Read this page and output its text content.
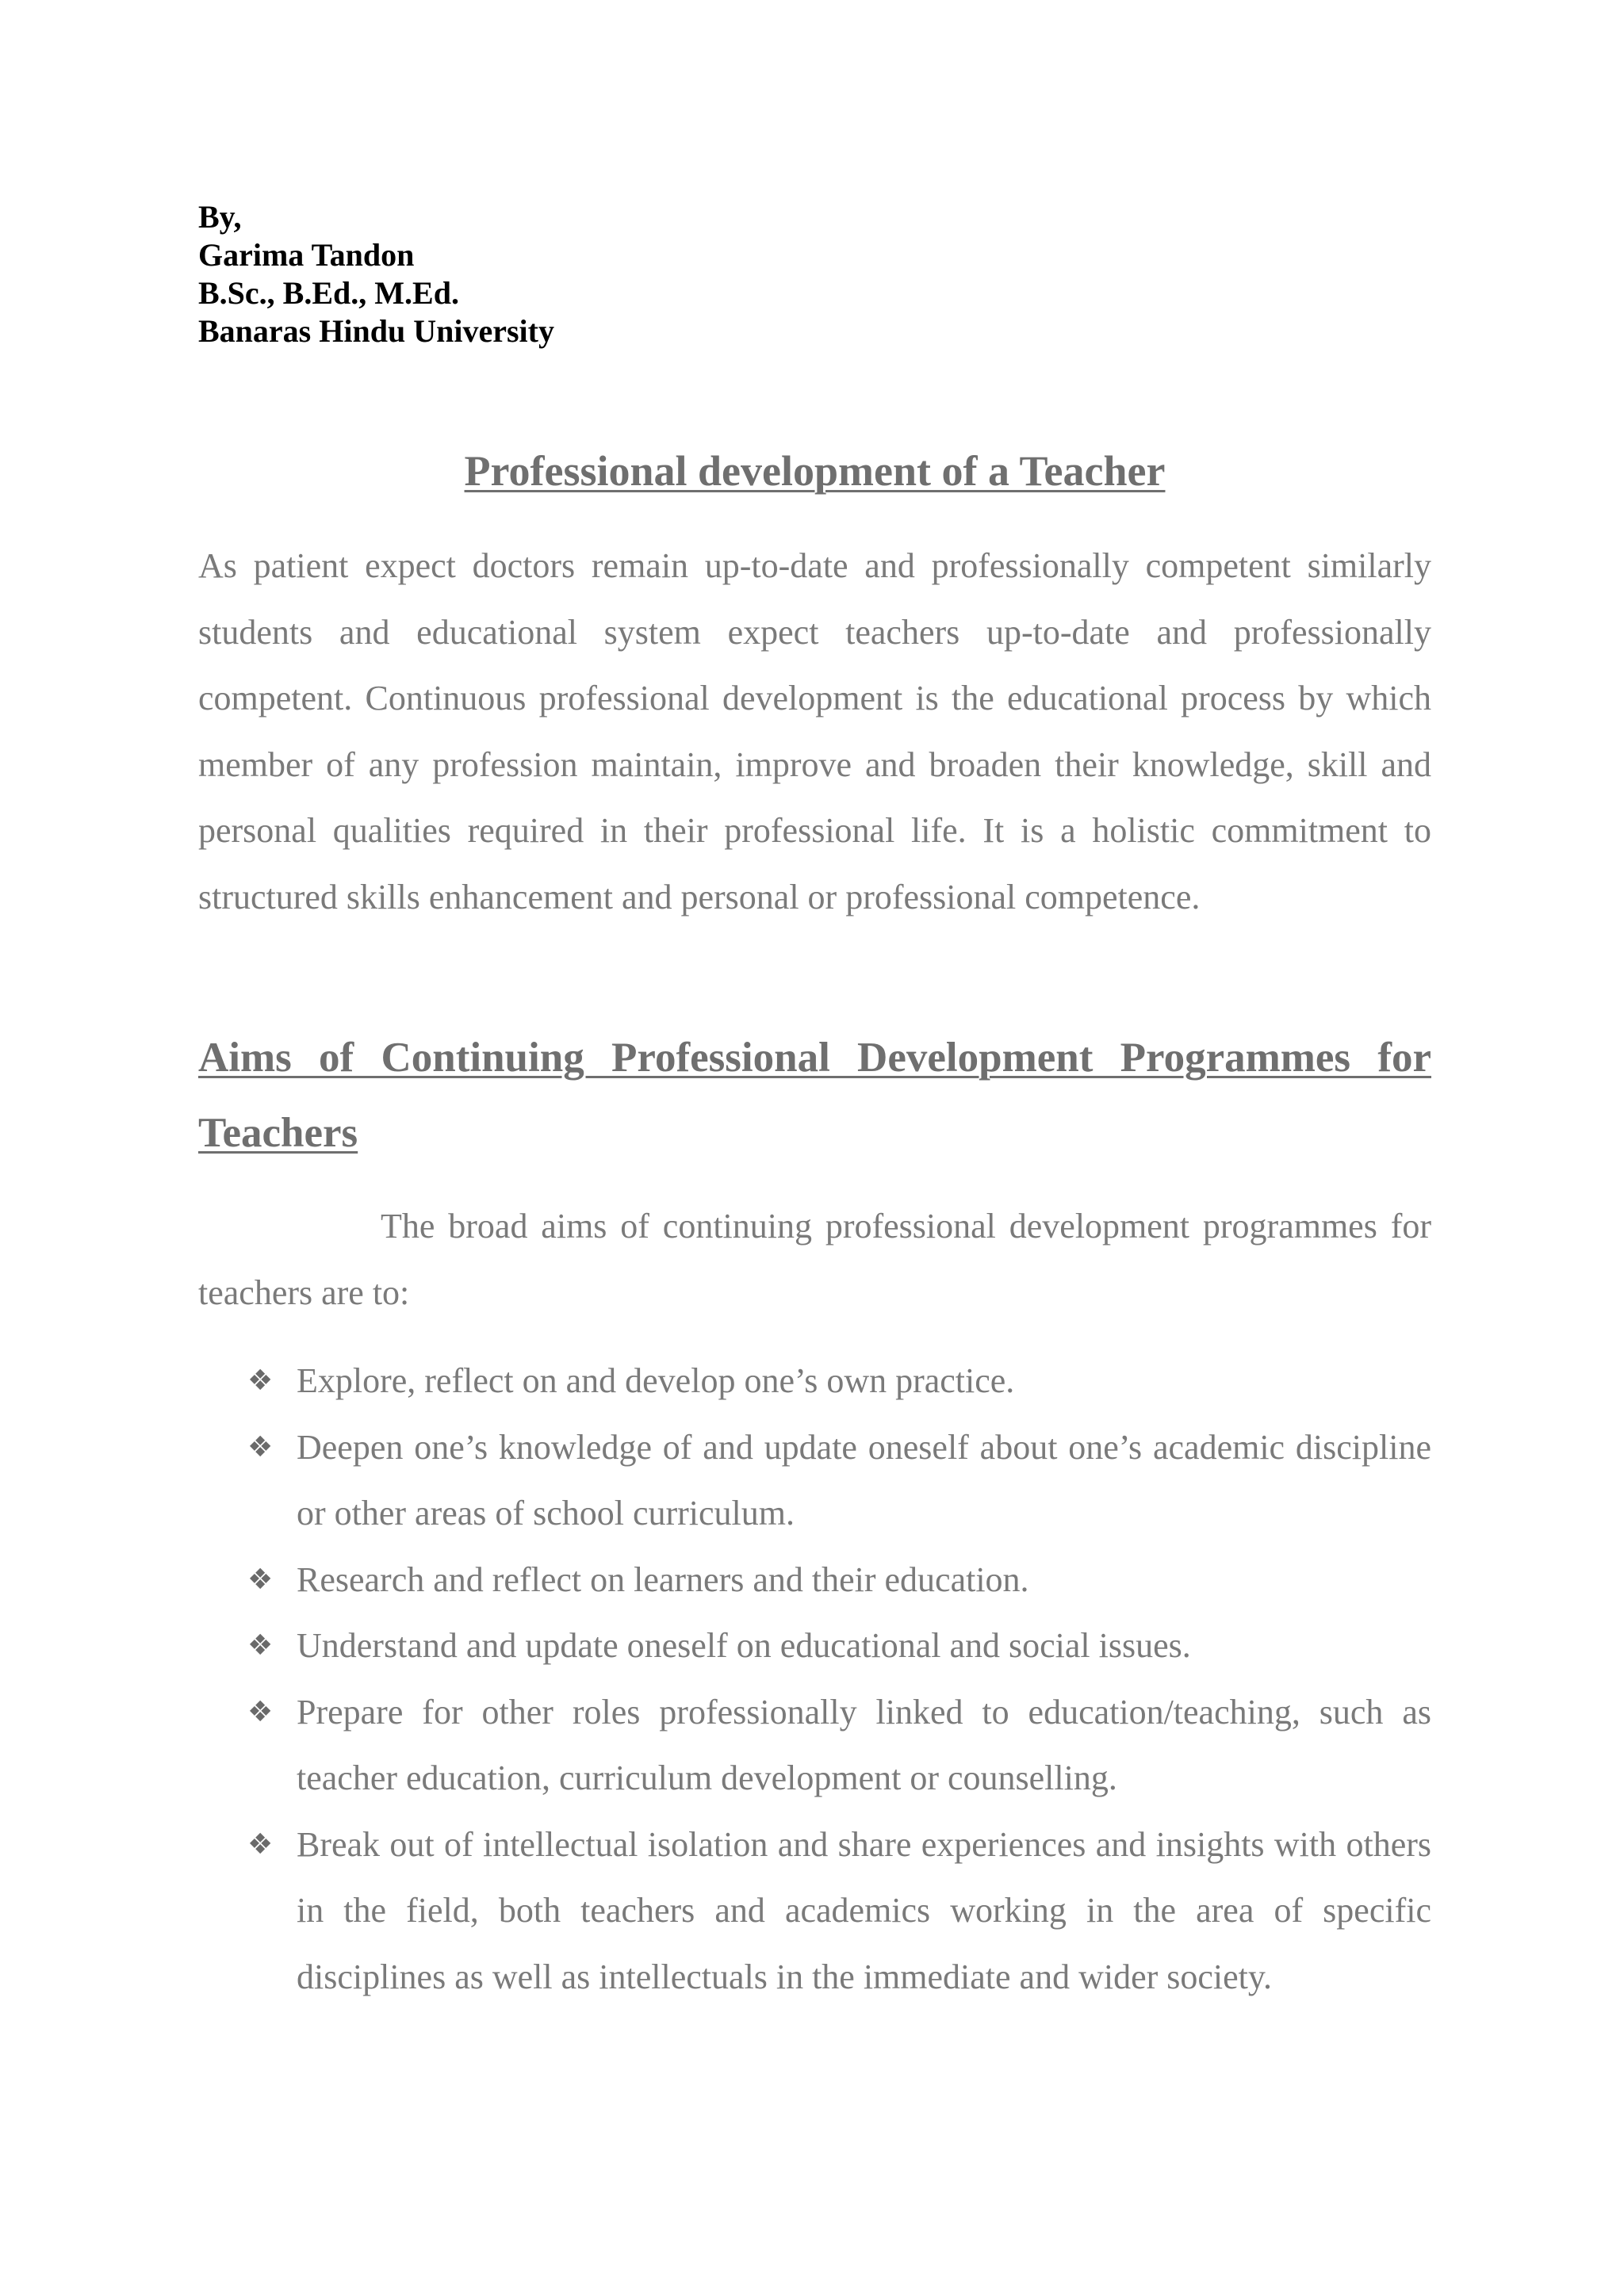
By,
Garima Tandon
B.Sc., B.Ed., M.Ed.
Banaras Hindu University
Professional development of a Teacher

As patient expect doctors remain up-to-date and professionally competent similarly students and educational system expect teachers up-to-date and professionally competent. Continuous professional development is the educational process by which member of any profession maintain, improve and broaden their knowledge, skill and personal qualities required in their professional life. It is a holistic commitment to structured skills enhancement and personal or professional competence.

Aims of Continuing Professional Development Programmes for Teachers

The broad aims of continuing professional development programmes for teachers are to:

❖ Explore, reflect on and develop one’s own practice.
❖ Deepen one’s knowledge of and update oneself about one’s academic discipline or other areas of school curriculum.
❖ Research and reflect on learners and their education.
❖ Understand and update oneself on educational and social issues.
❖ Prepare for other roles professionally linked to education/teaching, such as teacher education, curriculum development or counselling.
❖ Break out of intellectual isolation and share experiences and insights with others in the field, both teachers and academics working in the area of specific disciplines as well as intellectuals in the immediate and wider society.
